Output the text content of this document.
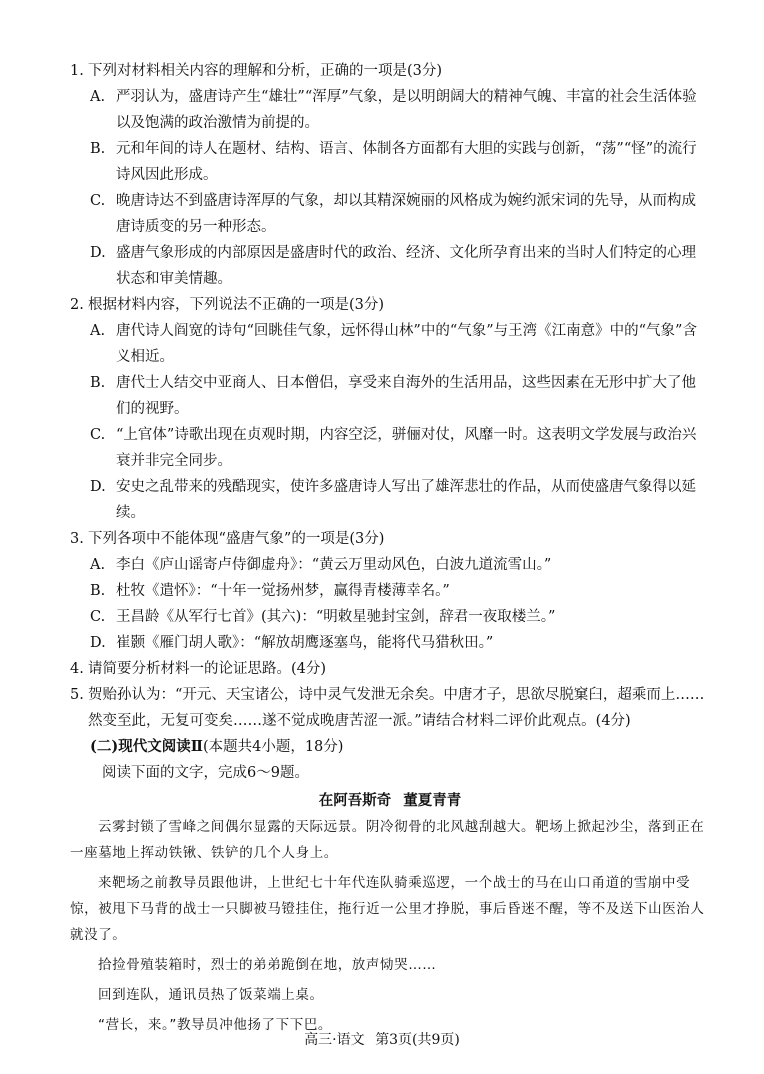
1. 下列对材料相关内容的理解和分析，正确的一项是(3分)

A. 严羽认为，盛唐诗产生“雄壮”“浑厚”气象，是以明朗阔大的精神气魄、丰富的社会生活体验以及饱满的政治激情为前提的。

B. 元和年间的诗人在题材、结构、语言、体制各方面都有大胆的实践与创新，“荡”“怪”的流行诗风因此形成。

C. 晚唐诗达不到盛唐诗浑厚的气象，却以其精深婉丽的风格成为婉约派宋词的先导，从而构成唐诗质变的另一种形态。

D. 盛唐气象形成的内部原因是盛唐时代的政治、经济、文化所孕育出来的当时人们特定的心理状态和审美情趣。

2. 根据材料内容，下列说法不正确的一项是(3分)

A. 唐代诗人阎宽的诗句“回眺佳气象，远怀得山林”中的“气象”与王湾《江南意》中的“气象”含义相近。

B. 唐代士人结交中亚商人、日本僧侣，享受来自海外的生活用品，这些因素在无形中扩大了他们的视野。

C. “上官体”诗歌出现在贞观时期，内容空泛，骈俪对仗，风靡一时。这表明文学发展与政治兴衰并非完全同步。

D. 安史之乱带来的残酷现实，使许多盛唐诗人写出了雄浑悲壮的作品，从而使盛唐气象得以延续。

3. 下列各项中不能体现“盛唐气象”的一项是(3分)

A. 李白《庐山谣寄卢侍御虚舟》：“黄云万里动风色，白波九道流雪山。”

B. 杜牧《遣怀》：“十年一觉扬州梦，赢得青楼薄幸名。”

C. 王昌龄《从军行七首》(其六)：“明敕星驰封宝剑，辞君一夜取楼兰。”

D. 崔颢《雁门胡人歌》：“解放胡鹰逐塞鸟，能将代马猎秋田。”

4. 请简要分析材料一的论证思路。(4分)

5. 贺贻孙认为：“开元、天宝诸公，诗中灵气发泄无余矣。中唐才子，思欲尽脱窠臼，超乘而上……然变至此，无复可变矣……遂不觉成晚唐苦涩一派。”请结合材料二评价此观点。(4分)

(二)现代文阅读Ⅱ(本题共4小题，18分)

阅读下面的文字，完成6～9题。

在阿吾斯奇 董夏青青

云雾封锁了雪峰之间偶尔显露的天际远景。阴冷彻骨的北风越刮越大。靶场上掀起沙尘，落到正在一座墓地上挥动铁锹、铁铲的几个人身上。

来靶场之前教导员跟他讲，上世纪七十年代连队骑乘巡逻，一个战士的马在山口甬道的雪崩中受惊，被甩下马背的战士一只脚被马镫挂住，拖行近一公里才挣脱，事后昏迷不醒，等不及送下山医治人就没了。

拾捡骨殖装箱时，烈士的弟弟跪倒在地，放声恸哭……

回到连队，通讯员热了饭菜端上桌。

“营长，来。”教导员冲他扬了下下巴。

高三·语文 第3页(共9页)
